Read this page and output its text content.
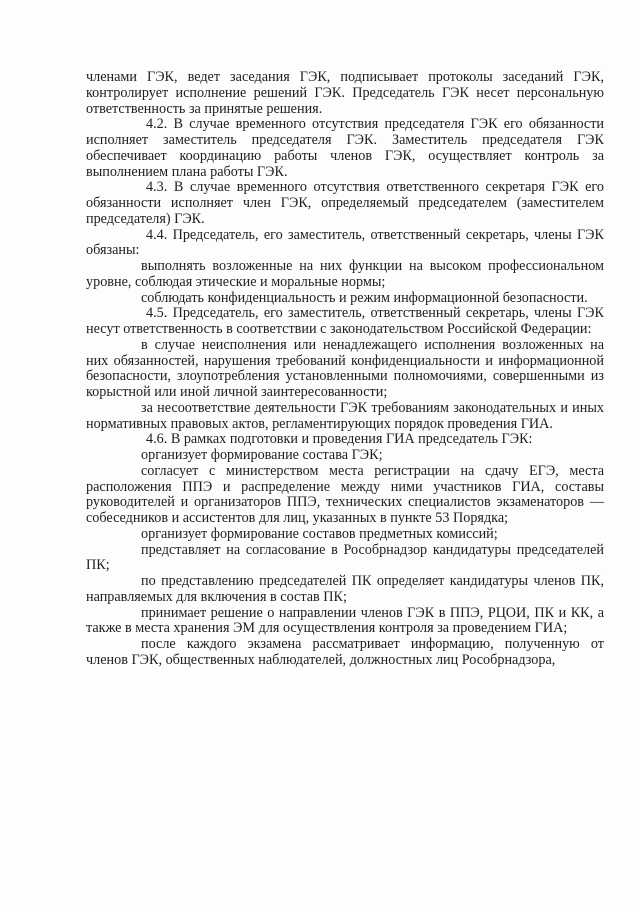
членами ГЭК, ведет заседания ГЭК, подписывает протоколы заседаний ГЭК, контролирует исполнение решений ГЭК. Председатель ГЭК несет персональную ответственность за принятые решения.

4.2. В случае временного отсутствия председателя ГЭК его обязанности исполняет заместитель председателя ГЭК. Заместитель председателя ГЭК обеспечивает координацию работы членов ГЭК, осуществляет контроль за выполнением плана работы ГЭК.

4.3. В случае временного отсутствия ответственного секретаря ГЭК его обязанности исполняет член ГЭК, определяемый председателем (заместителем председателя) ГЭК.

4.4. Председатель, его заместитель, ответственный секретарь, члены ГЭК обязаны:

выполнять возложенные на них функции на высоком профессиональном уровне, соблюдая этические и моральные нормы;

соблюдать конфиденциальность и режим информационной безопасности.

4.5. Председатель, его заместитель, ответственный секретарь, члены ГЭК несут ответственность в соответствии с законодательством Российской Федерации:

в случае неисполнения или ненадлежащего исполнения возложенных на них обязанностей, нарушения требований конфиденциальности и информационной безопасности, злоупотребления установленными полномочиями, совершенными из корыстной или иной личной заинтересованности;

за несоответствие деятельности ГЭК требованиям законодательных и иных нормативных правовых актов, регламентирующих порядок проведения ГИА.

4.6. В рамках подготовки и проведения ГИА председатель ГЭК:

организует формирование состава ГЭК;

согласует с министерством места регистрации на сдачу ЕГЭ, места расположения ППЭ и распределение между ними участников ГИА, составы руководителей и организаторов ППЭ, технических специалистов экзаменаторов — собеседников и ассистентов для лиц, указанных в пункте 53 Порядка;

организует формирование составов предметных комиссий;

представляет на согласование в Рособрнадзор кандидатуры председателей ПК;

по представлению председателей ПК определяет кандидатуры членов ПК, направляемых для включения в состав ПК;

принимает решение о направлении членов ГЭК в ППЭ, РЦОИ, ПК и КК, а также в места хранения ЭМ для осуществления контроля за проведением ГИА;

после каждого экзамена рассматривает информацию, полученную от членов ГЭК, общественных наблюдателей, должностных лиц Рособрнадзора,
